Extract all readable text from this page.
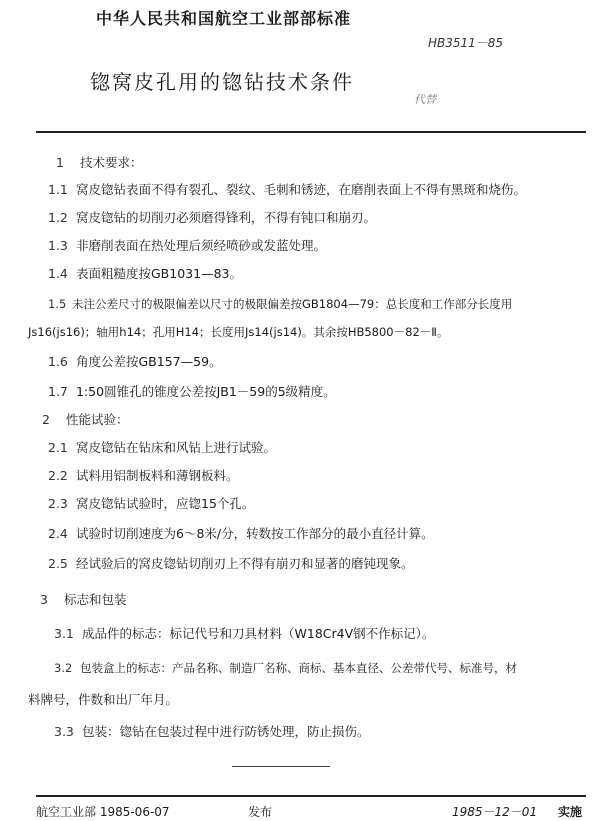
中华人民共和国航空工业部部标准
HB3511－85
锪窝皮孔用的锪钻技术条件
代替
1 技术要求：
1.1 窝皮锪钻表面不得有裂孔、裂纹、毛刺和锈迹，在磨削表面上不得有黑斑和烧伤。
1.2 窝皮锪钻的切削刃必须磨得锋利，不得有钝口和崩刃。
1.3 非磨削表面在热处理后须经喷砂或发蓝处理。
1.4 表面粗糙度按GB1031—83。
1.5 未注公差尺寸的极限偏差以尺寸的极限偏差按GB1804—79：总长度和工作部分长度用
Js16(js16)；轴用h14；孔用H14；长度用Js14(js14)。其余按HB5800－82－Ⅱ。
1.6 角度公差按GB157—59。
1.7 1:50圆锥孔的锥度公差按JB1－59的5级精度。
2 性能试验：
2.1 窝皮锪钻在钻床和风钻上进行试验。
2.2 试料用铝制板料和薄钢板料。
2.3 窝皮锪钻试验时，应锪15个孔。
2.4 试验时切削速度为6～8米/分，转数按工作部分的最小直径计算。
2.5 经试验后的窝皮锪钻切削刃上不得有崩刃和显著的磨钝现象。
3 标志和包装
3.1 成品件的标志：标记代号和刀具材料（W18Cr4V钢不作标记）。
3.2 包装盒上的标志：产品名称、制造厂名称、商标、基本直径、公差带代号、标准号，材
料牌号，件数和出厂年月。
3.3 包装：锪钻在包装过程中进行防锈处理，防止损伤。
航空工业部 1985-06-07	发布	1985－12－01 实施
